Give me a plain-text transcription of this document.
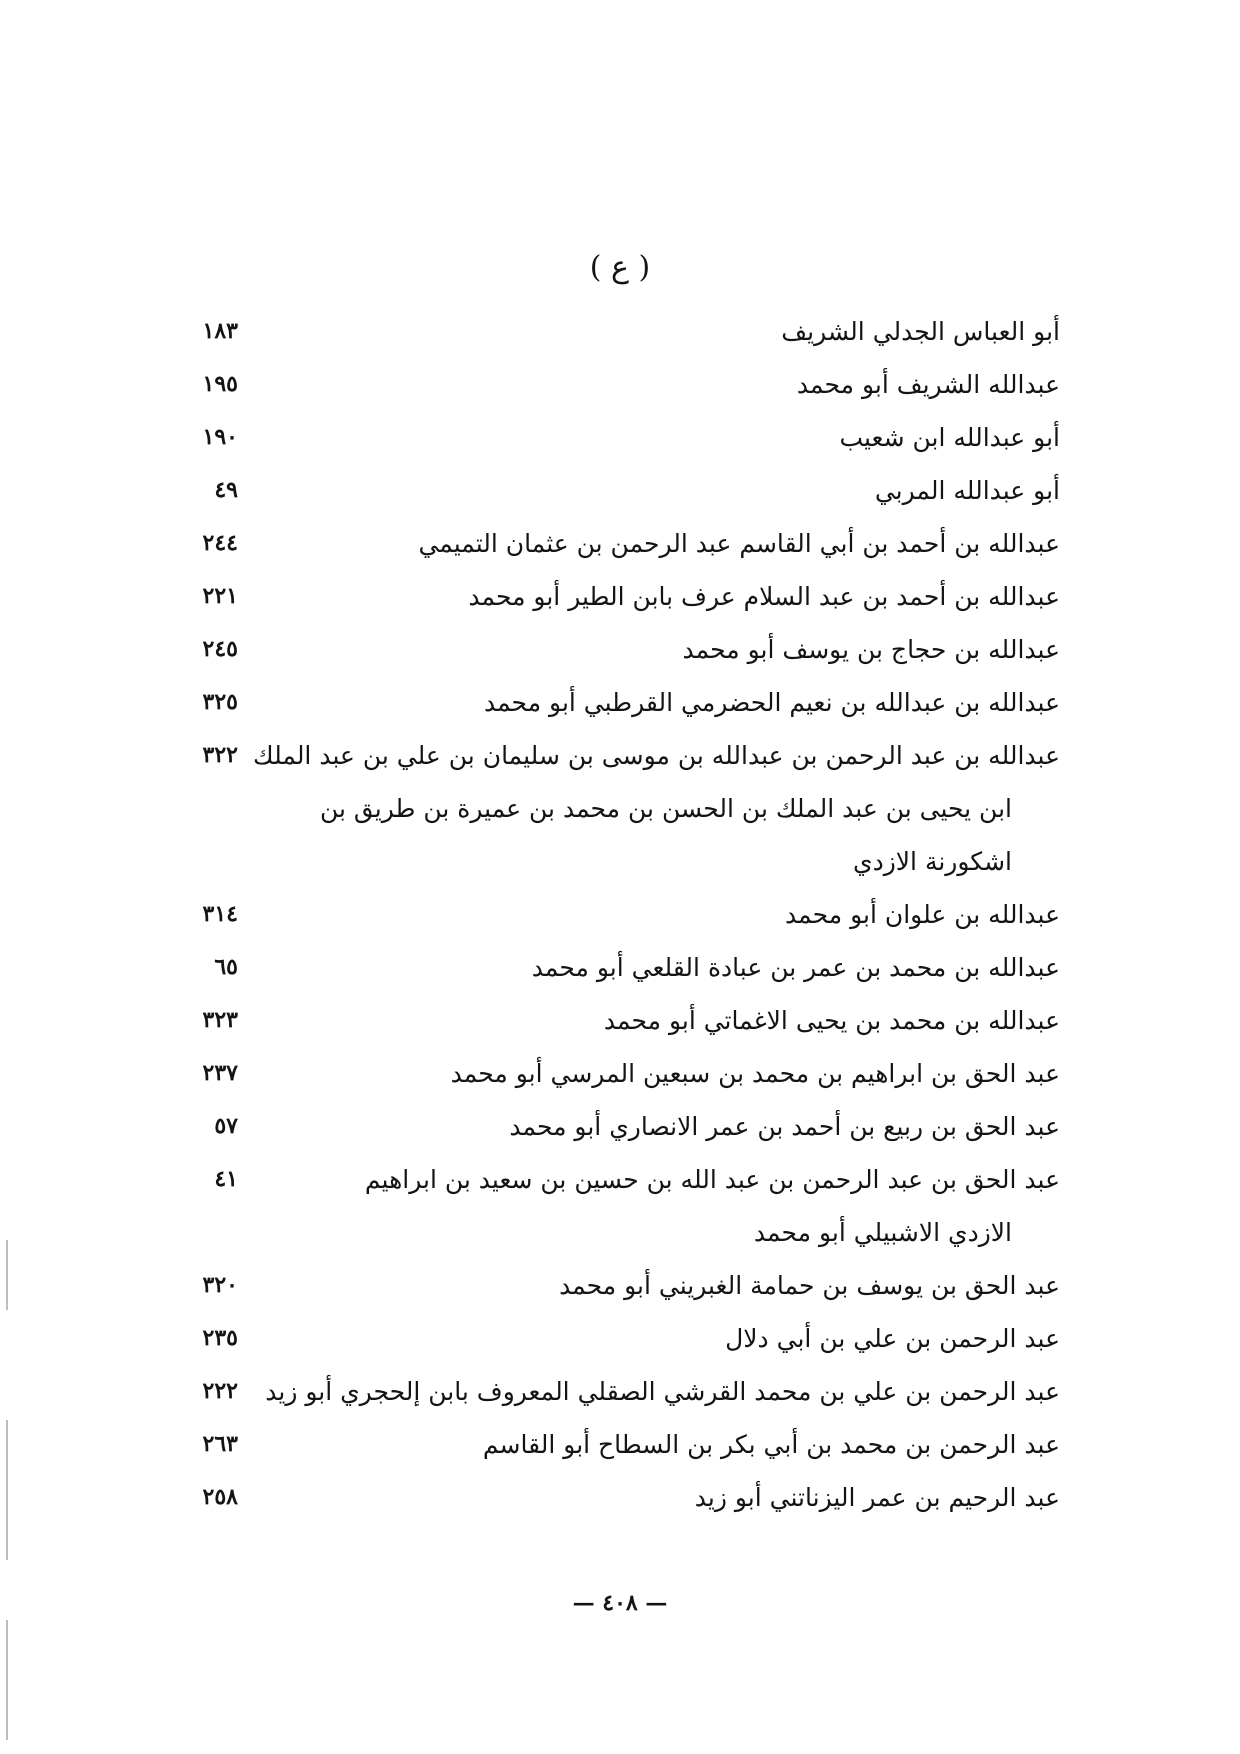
( ع )
أبو العباس الجدلي الشريف
١٨٣
عبدالله الشريف أبو محمد
١٩٥
أبو عبدالله ابن شعيب
١٩٠
أبو عبدالله المربي
٤٩
عبدالله بن أحمد بن أبي القاسم عبد الرحمن بن عثمان التميمي
٢٤٤
عبدالله بن أحمد بن عبد السلام عرف بابن الطير أبو محمد
٢٢١
عبدالله بن حجاج بن يوسف أبو محمد
٢٤٥
عبدالله بن عبدالله بن نعيم الحضرمي القرطبي أبو محمد
٣٢٥
عبدالله بن عبد الرحمن بن عبدالله بن موسى بن سليمان بن علي بن عبد الملك
٣٢٢
ابن يحيى بن عبد الملك بن الحسن بن محمد بن عميرة بن طريق بن
اشكورنة الازدي
عبدالله بن علوان أبو محمد
٣١٤
عبدالله بن محمد بن عمر بن عبادة القلعي أبو محمد
٦٥
عبدالله بن محمد بن يحيى الاغماتي أبو محمد
٣٢٣
عبد الحق بن ابراهيم بن محمد بن سبعين المرسي أبو محمد
٢٣٧
عبد الحق بن ربيع بن أحمد بن عمر الانصاري أبو محمد
٥٧
عبد الحق بن عبد الرحمن بن عبد الله بن حسين بن سعيد بن ابراهيم
٤١
الازدي الاشبيلي أبو محمد
عبد الحق بن يوسف بن حمامة الغبريني أبو محمد
٣٢٠
عبد الرحمن بن علي بن أبي دلال
٢٣٥
عبد الرحمن بن علي بن محمد القرشي الصقلي المعروف بابن إلحجري أبو زيد
٢٢٢
عبد الرحمن بن محمد بن أبي بكر بن السطاح أبو القاسم
٢٦٣
عبد الرحيم بن عمر اليزناتني أبو زيد
٢٥٨
— ٤٠٨ —
